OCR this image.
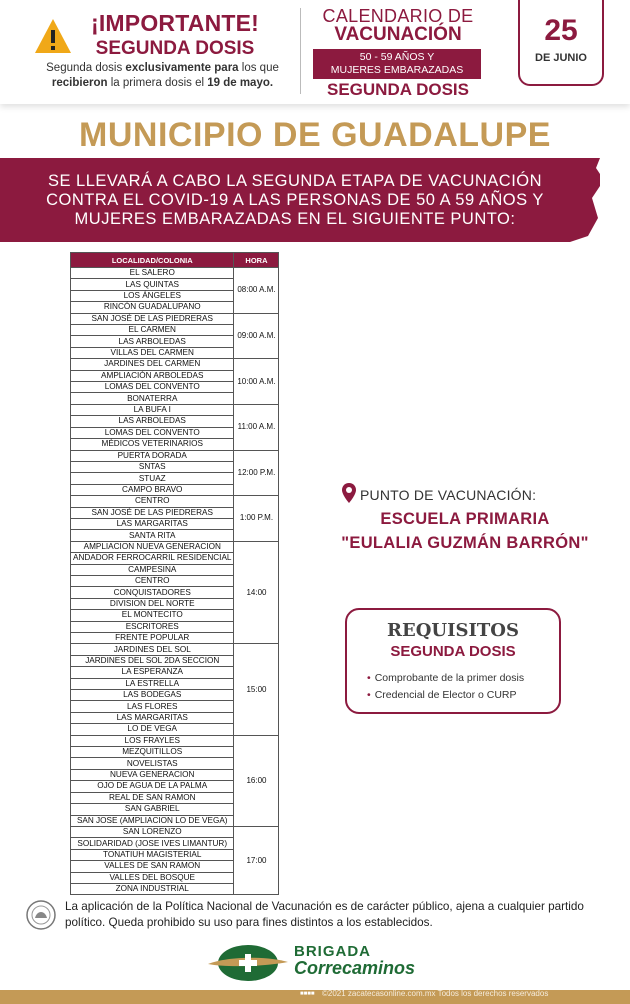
¡IMPORTANTE!
SEGUNDA DOSIS
Segunda dosis exclusivamente para los que recibieron la primera dosis el 19 de mayo.
CALENDARIO DE
VACUNACIÓN
50 - 59 AÑOS Y
MUJERES EMBARAZADAS
SEGUNDA DOSIS
25
DE JUNIO
MUNICIPIO DE GUADALUPE
SE LLEVARÁ A CABO LA SEGUNDA ETAPA DE VACUNACIÓN
CONTRA EL COVID-19 A LAS PERSONAS DE 50 A 59 AÑOS Y
MUJERES EMBARAZADAS EN EL SIGUIENTE PUNTO:
LOCALIDAD/COLONIA	HORA
EL SALERO	08:00 A.M.
LAS QUINTAS	
LOS ÁNGELES	
RINCÓN GUADALUPANO	
SAN JOSÉ DE LAS PIEDRERAS	09:00 A.M.
EL CARMEN	
LAS ARBOLEDAS	
VILLAS DEL CARMEN	
JARDINES DEL CARMEN	10:00 A.M.
AMPLIACIÓN ARBOLEDAS	
LOMAS DEL CONVENTO	
BONATERRA	
LA BUFA I	11:00 A.M.
LAS ARBOLEDAS	
LOMAS DEL CONVENTO	
MÉDICOS VETERINARIOS	
PUERTA DORADA	12:00 P.M.
SNTAS	
STUAZ	
CAMPO BRAVO	
CENTRO	1:00 P.M.
SAN JOSÉ DE LAS PIEDRERAS	
LAS MARGARITAS	
SANTA RITA	
AMPLIACION NUEVA GENERACION	14:00
ANDADOR FERROCARRIL RESIDENCIAL	
CAMPESINA	
CENTRO	
CONQUISTADORES	
DIVISION DEL NORTE	
EL MONTECITO	
ESCRITORES	
FRENTE POPULAR	
JARDINES DEL SOL	15:00
JARDINES DEL SOL 2DA SECCION	
LA ESPERANZA	
LA ESTRELLA	
LAS BODEGAS	
LAS FLORES	
LAS MARGARITAS	
LO DE VEGA	
LOS FRAYLES	16:00
MEZQUITILLOS	
NOVELISTAS	
NUEVA GENERACION	
OJO DE AGUA DE LA PALMA	
REAL DE SAN RAMON	
SAN GABRIEL	
SAN JOSE (AMPLIACION LO DE VEGA)	
SAN LORENZO	17:00
SOLIDARIDAD (JOSE IVES LIMANTUR)	
TONATIUH MAGISTERIAL	
VALLES DE SAN RAMON	
VALLES DEL BOSQUE	
ZONA INDUSTRIAL	
PUNTO DE VACUNACIÓN:
ESCUELA PRIMARIA
"EULALIA GUZMÁN BARRÓN"
REQUISITOS
SEGUNDA DOSIS
• Comprobante de la primer dosis
• Credencial de Elector o CURP
La aplicación de la Política Nacional de Vacunación es de carácter público, ajena a cualquier partido político. Queda prohibido su uso para fines distintos a los establecidos.
BRIGADA
Correcaminos
■■■■ ©2021 zacatecasonline.com.mx Todos los derechos reservados
